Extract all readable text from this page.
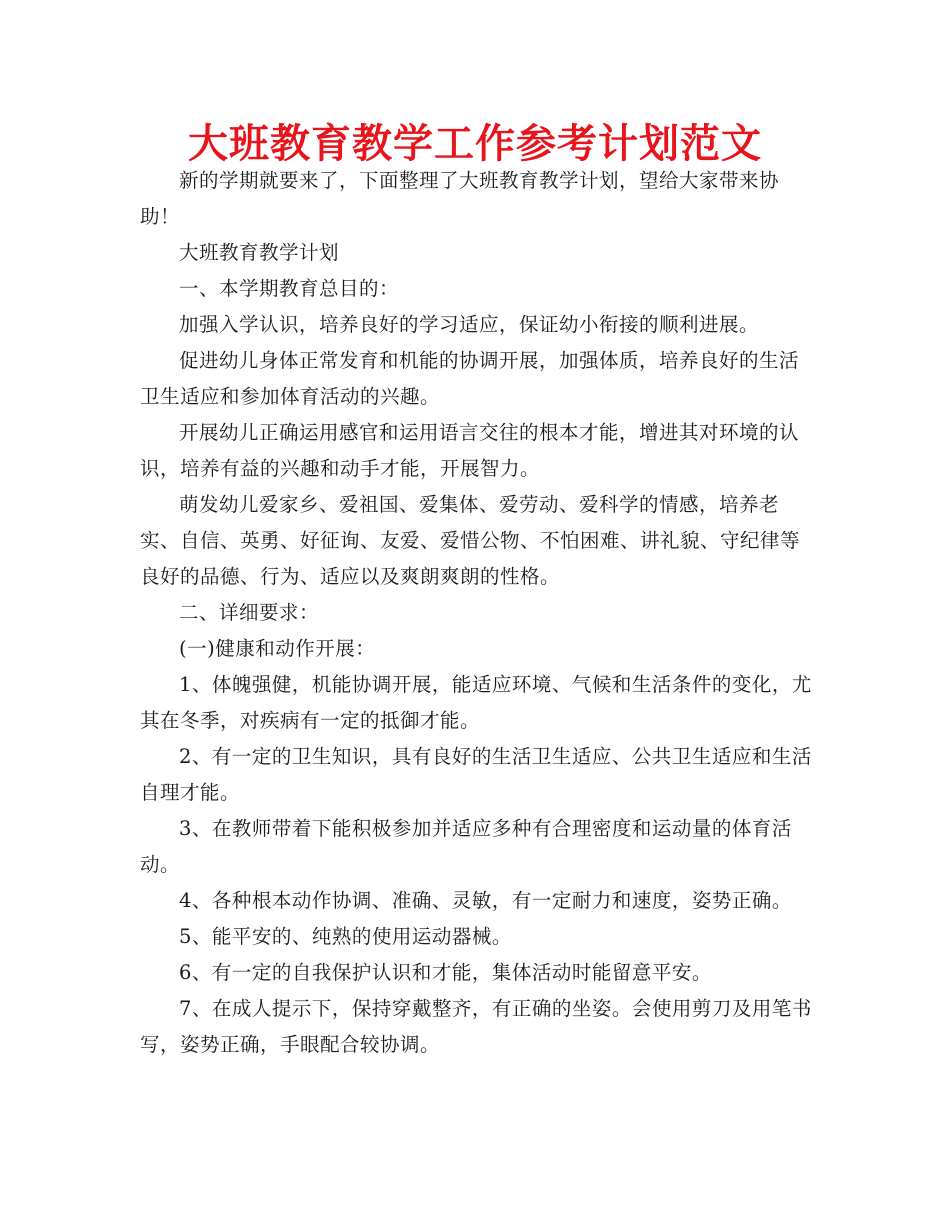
大班教育教学工作参考计划范文

新的学期就要来了，下面整理了大班教育教学计划，望给大家带来协助！

大班教育教学计划

一、本学期教育总目的：

加强入学认识，培养良好的学习适应，保证幼小衔接的顺利进展。

促进幼儿身体正常发育和机能的协调开展，加强体质，培养良好的生活卫生适应和参加体育活动的兴趣。

开展幼儿正确运用感官和运用语言交往的根本才能，增进其对环境的认识，培养有益的兴趣和动手才能，开展智力。

萌发幼儿爱家乡、爱祖国、爱集体、爱劳动、爱科学的情感，培养老实、自信、英勇、好征询、友爱、爱惜公物、不怕困难、讲礼貌、守纪律等良好的品德、行为、适应以及爽朗爽朗的性格。

二、详细要求：

(一)健康和动作开展：

1、体魄强健，机能协调开展，能适应环境、气候和生活条件的变化，尤其在冬季，对疾病有一定的抵御才能。

2、有一定的卫生知识，具有良好的生活卫生适应、公共卫生适应和生活自理才能。

3、在教师带着下能积极参加并适应多种有合理密度和运动量的体育活动。

4、各种根本动作协调、准确、灵敏，有一定耐力和速度，姿势正确。

5、能平安的、纯熟的使用运动器械。

6、有一定的自我保护认识和才能，集体活动时能留意平安。

7、在成人提示下，保持穿戴整齐，有正确的坐姿。会使用剪刀及用笔书写，姿势正确，手眼配合较协调。
